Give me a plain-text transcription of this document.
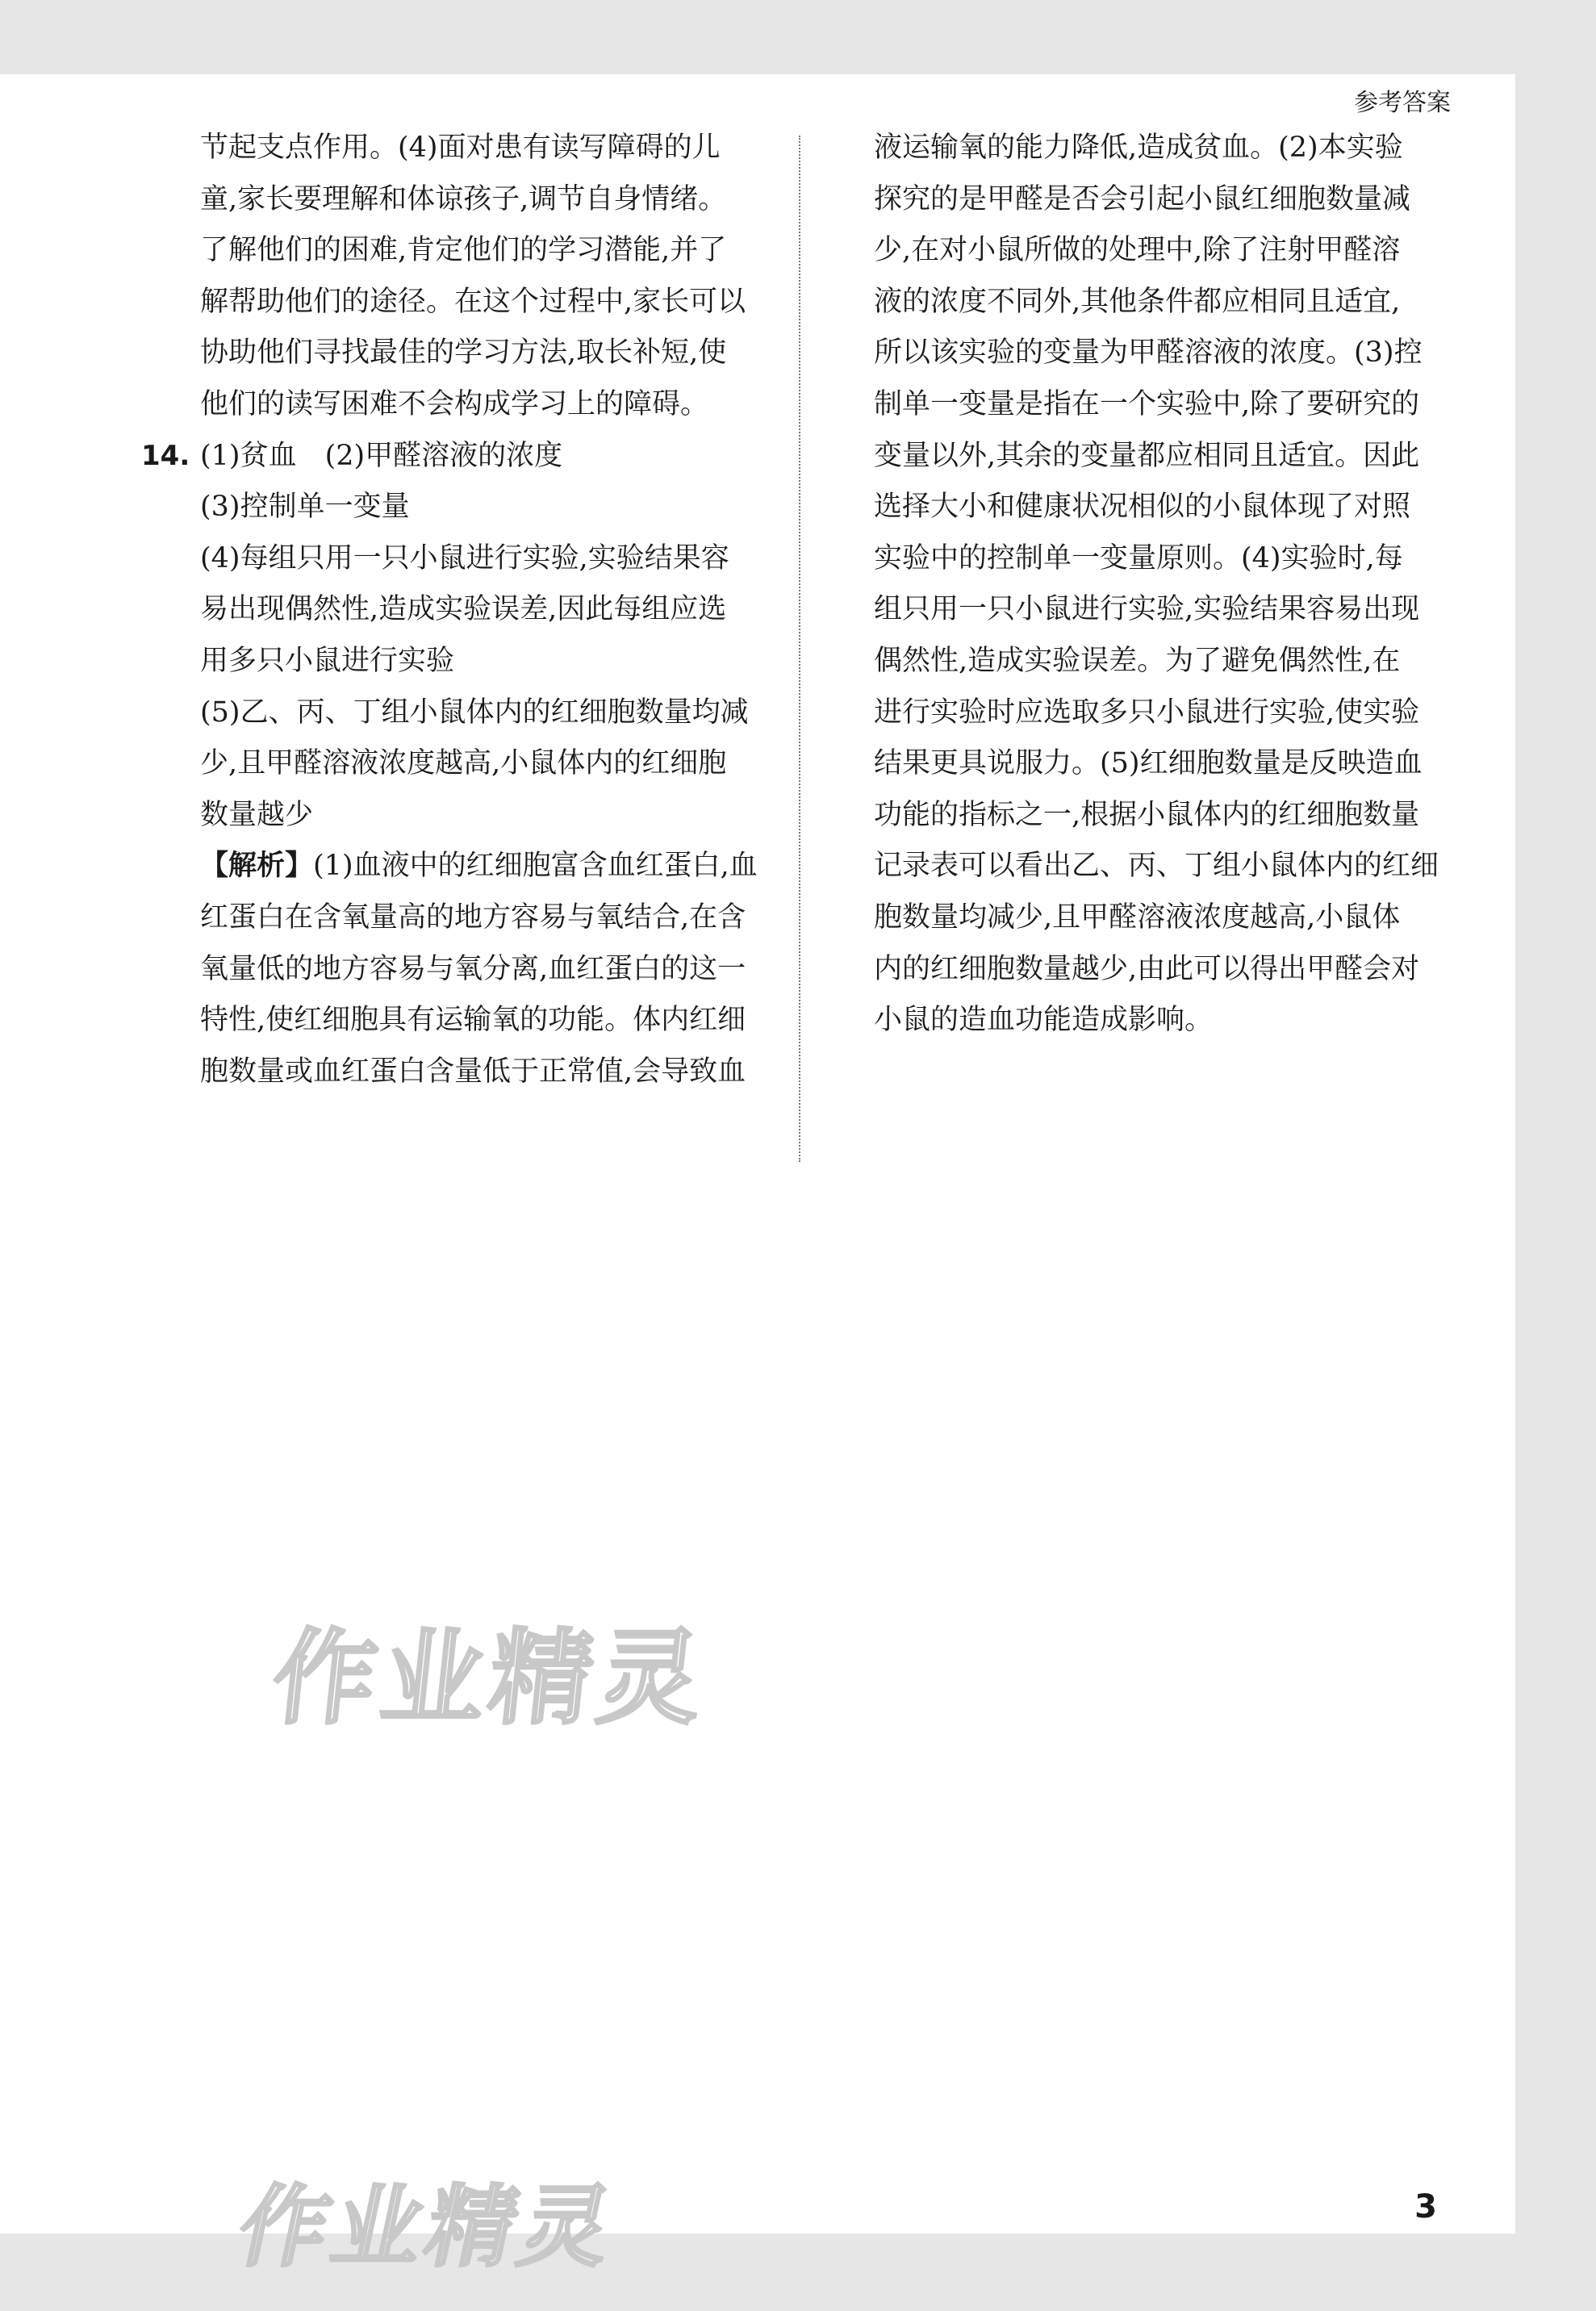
参考答案
节起支点作用。(4)面对患有读写障碍的儿
童,家长要理解和体谅孩子,调节自身情绪。
了解他们的困难,肯定他们的学习潜能,并了
解帮助他们的途径。在这个过程中,家长可以
协助他们寻找最佳的学习方法,取长补短,使
他们的读写困难不会构成学习上的障碍。
14. (1)贫血　(2)甲醛溶液的浓度
(3)控制单一变量
(4)每组只用一只小鼠进行实验,实验结果容
易出现偶然性,造成实验误差,因此每组应选
用多只小鼠进行实验
(5)乙、丙、丁组小鼠体内的红细胞数量均减
少,且甲醛溶液浓度越高,小鼠体内的红细胞
数量越少
【解析】(1)血液中的红细胞富含血红蛋白,血
红蛋白在含氧量高的地方容易与氧结合,在含
氧量低的地方容易与氧分离,血红蛋白的这一
特性,使红细胞具有运输氧的功能。体内红细
胞数量或血红蛋白含量低于正常值,会导致血
液运输氧的能力降低,造成贫血。(2)本实验
探究的是甲醛是否会引起小鼠红细胞数量减
少,在对小鼠所做的处理中,除了注射甲醛溶
液的浓度不同外,其他条件都应相同且适宜,
所以该实验的变量为甲醛溶液的浓度。(3)控
制单一变量是指在一个实验中,除了要研究的
变量以外,其余的变量都应相同且适宜。因此
选择大小和健康状况相似的小鼠体现了对照
实验中的控制单一变量原则。(4)实验时,每
组只用一只小鼠进行实验,实验结果容易出现
偶然性,造成实验误差。为了避免偶然性,在
进行实验时应选取多只小鼠进行实验,使实验
结果更具说服力。(5)红细胞数量是反映造血
功能的指标之一,根据小鼠体内的红细胞数量
记录表可以看出乙、丙、丁组小鼠体内的红细
胞数量均减少,且甲醛溶液浓度越高,小鼠体
内的红细胞数量越少,由此可以得出甲醛会对
小鼠的造血功能造成影响。
作业精灵
作业精灵	3
